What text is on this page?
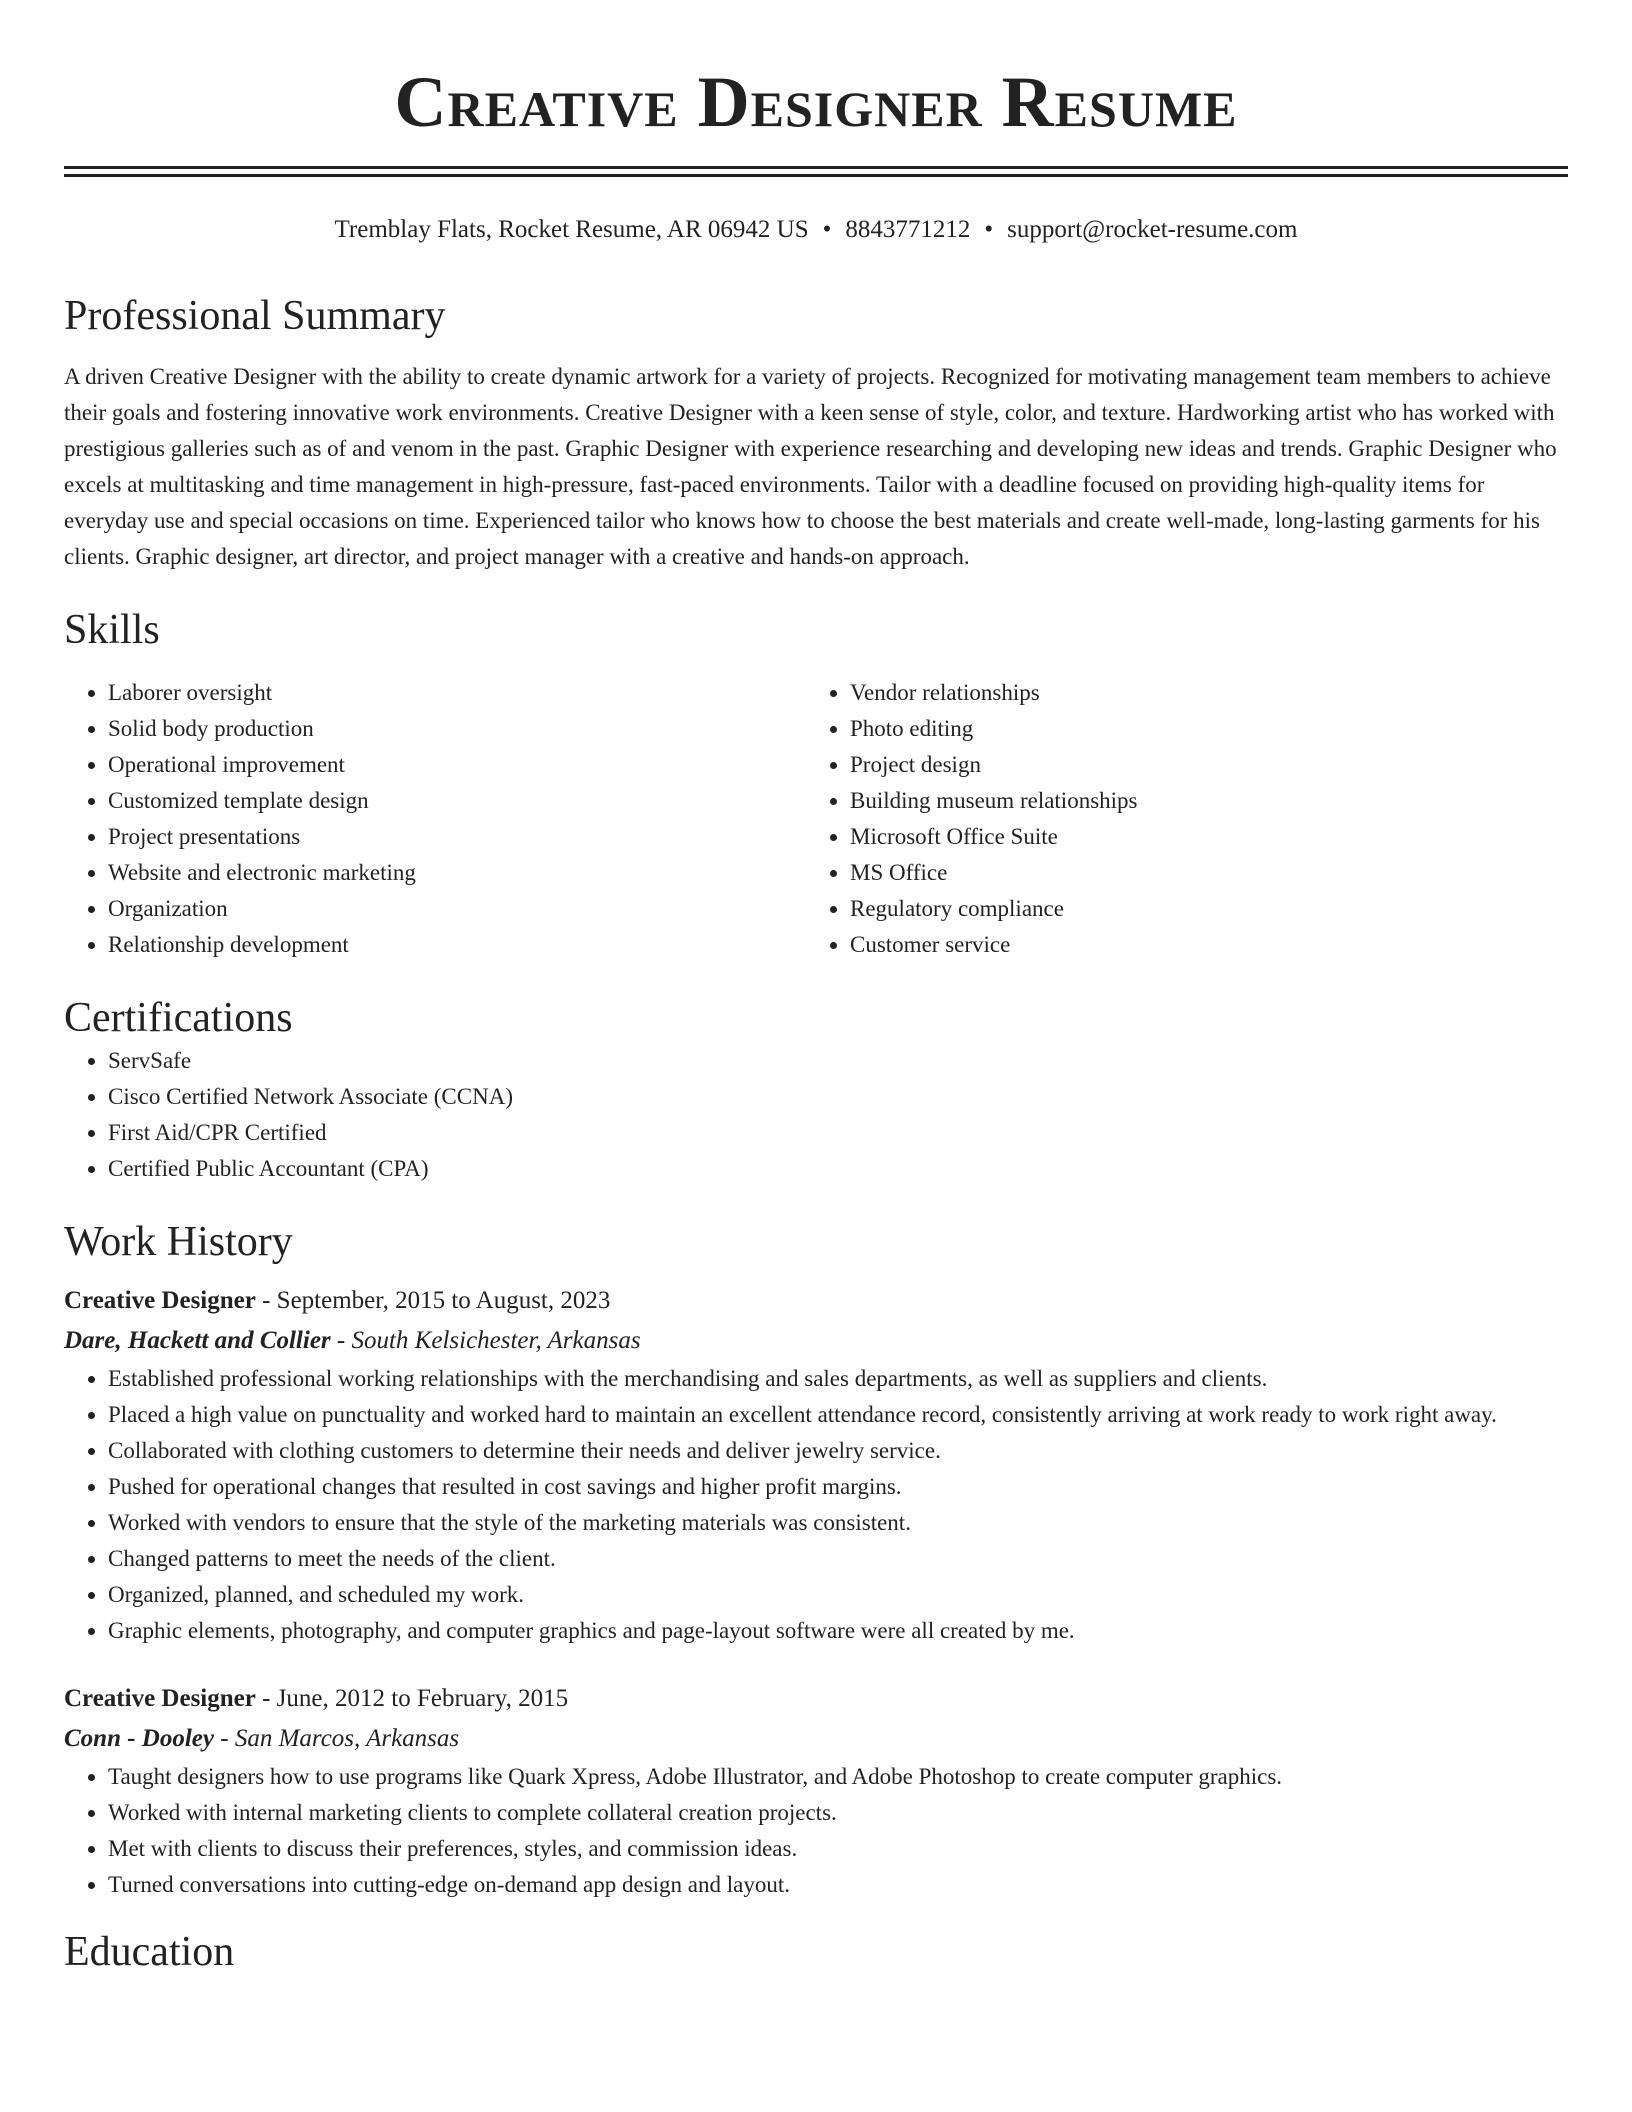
Creative Designer Resume
Tremblay Flats, Rocket Resume, AR 06942 US • 8843771212 • support@rocket-resume.com
Professional Summary

A driven Creative Designer with the ability to create dynamic artwork for a variety of projects. Recognized for motivating management team members to achieve their goals and fostering innovative work environments. Creative Designer with a keen sense of style, color, and texture. Hardworking artist who has worked with prestigious galleries such as of and venom in the past. Graphic Designer with experience researching and developing new ideas and trends. Graphic Designer who excels at multitasking and time management in high-pressure, fast-paced environments. Tailor with a deadline focused on providing high-quality items for everyday use and special occasions on time. Experienced tailor who knows how to choose the best materials and create well-made, long-lasting garments for his clients. Graphic designer, art director, and project manager with a creative and hands-on approach.

Skills
• Laborer oversight
• Solid body production
• Operational improvement
• Customized template design
• Project presentations
• Website and electronic marketing
• Organization
• Relationship development
• Vendor relationships
• Photo editing
• Project design
• Building museum relationships
• Microsoft Office Suite
• MS Office
• Regulatory compliance
• Customer service
Certifications
• ServSafe
• Cisco Certified Network Associate (CCNA)
• First Aid/CPR Certified
• Certified Public Accountant (CPA)
Work History
Creative Designer - September, 2015 to August, 2023
Dare, Hackett and Collier - South Kelsichester, Arkansas
• Established professional working relationships with the merchandising and sales departments, as well as suppliers and clients.
• Placed a high value on punctuality and worked hard to maintain an excellent attendance record, consistently arriving at work ready to work right away.
• Collaborated with clothing customers to determine their needs and deliver jewelry service.
• Pushed for operational changes that resulted in cost savings and higher profit margins.
• Worked with vendors to ensure that the style of the marketing materials was consistent.
• Changed patterns to meet the needs of the client.
• Organized, planned, and scheduled my work.
• Graphic elements, photography, and computer graphics and page-layout software were all created by me.
Creative Designer - June, 2012 to February, 2015
Conn - Dooley - San Marcos, Arkansas
• Taught designers how to use programs like Quark Xpress, Adobe Illustrator, and Adobe Photoshop to create computer graphics.
• Worked with internal marketing clients to complete collateral creation projects.
• Met with clients to discuss their preferences, styles, and commission ideas.
• Turned conversations into cutting-edge on-demand app design and layout.
Education
